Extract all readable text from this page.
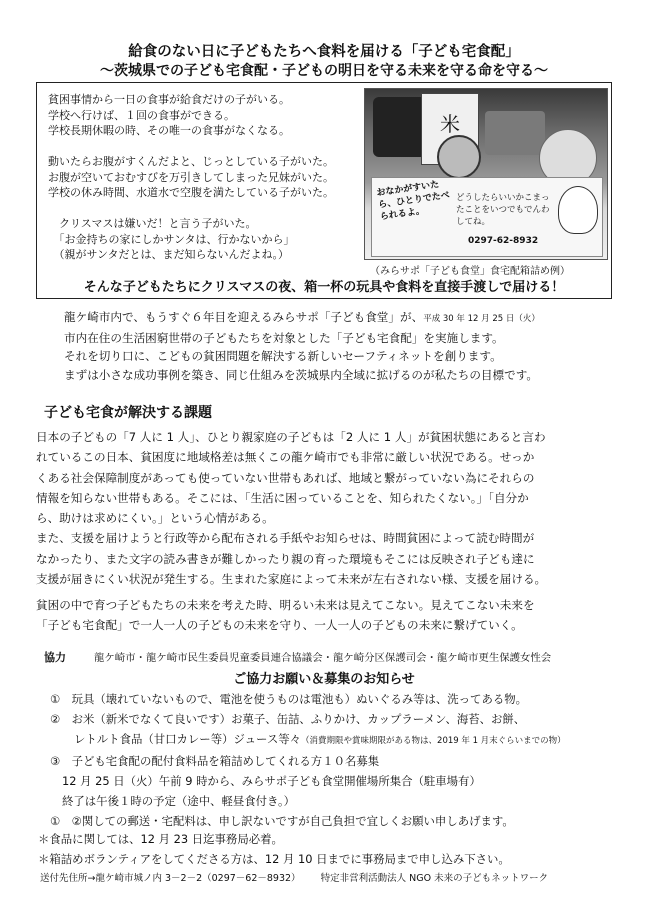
給食のない日に子どもたちへ食料を届ける「子ども宅食配」
～茨城県での子ども宅食配・子どもの明日を守る未来を守る命を守る～
貧困事情から一日の食事が給食だけの子がいる。
学校へ行けば、１回の食事ができる。
学校長期休暇の時、その唯一の食事がなくなる。
動いたらお腹がすくんだよと、じっとしている子がいた。
お腹が空いておむすびを万引きしてしまった兄妹がいた。
学校の休み時間、水道水で空腹を満たしている子がいた。
　クリスマスは嫌いだ！と言う子がいた。
　「お金持ちの家にしかサンタは、行かないから」
　（親がサンタだとは、まだ知らないんだよね。）
米
おなかがすいたら、ひとりでたべられるよ。
どうしたらいいかこまったことをいつでもでんわしてね。
0297-62-8932
（みらサポ「子ども食堂」食宅配箱詰め例）
そんな子どもたちにクリスマスの夜、箱一杯の玩具や食料を直接手渡しで届ける！
龍ケ崎市内で、もうすぐ６年目を迎えるみらサポ「子ども食堂」が、平成 30 年 12 月 25 日（火）
市内在住の生活困窮世帯の子どもたちを対象とした「子ども宅食配」を実施します。
それを切り口に、こどもの貧困問題を解決する新しいセーフティネットを創ります。
まずは小さな成功事例を築き、同じ仕組みを茨城県内全域に拡げるのが私たちの目標です。
子ども宅食が解決する課題
日本の子どもの「7 人に 1 人」、ひとり親家庭の子どもは「2 人に 1 人」が貧困状態にあると言わ
れているこの日本、貧困度に地域格差は無くこの龍ケ崎市でも非常に厳しい状況である。せっか
くある社会保障制度があっても使っていない世帯もあれば、地域と繋がっていない為にそれらの
情報を知らない世帯もある。そこには、「生活に困っていることを、知られたくない。」「自分か
ら、助けは求めにくい。」という心情がある。
また、支援を届けようと行政等から配布される手紙やお知らせは、時間貧困によって読む時間が
なかったり、また文字の読み書きが難しかったり親の育った環境もそこには反映され子ども達に
支援が届きにくい状況が発生する。生まれた家庭によって未来が左右されない様、支援を届ける。
貧困の中で育つ子どもたちの未来を考えた時、明るい未来は見えてこない。見えてこない未来を
「子ども宅食配」で一人一人の子どもの未来を守り、一人一人の子どもの未来に繋げていく。
協力	龍ケ崎市・龍ケ崎市民生委員児童委員連合協議会・龍ケ崎分区保護司会・龍ケ崎市更生保護女性会
ご協力お願い＆募集のお知らせ
①　玩具（壊れていないもので、電池を使うものは電池も）ぬいぐるみ等は、洗ってある物。
②　お米（新米でなくて良いです）お菓子、缶詰、ふりかけ、カップラーメン、海苔、お餅、
レトルト食品（甘口カレー等）ジュース等々（消費期限や賞味期限がある物は、2019 年 1 月末ぐらいまでの物）
③　子ども宅食配の配付食料品を箱詰めしてくれる方１０名募集
12 月 25 日（火）午前 9 時から、みらサポ子ども食堂開催場所集合（駐車場有）
終了は午後１時の予定（途中、軽昼食付き。）
①　②関しての郵送・宅配料は、申し訳ないですが自己負担で宜しくお願い申しあげます。
＊食品に関しては、12 月 23 日迄事務局必着。
＊箱詰めボランティアをしてくださる方は、12 月 10 日までに事務局まで申し込み下さい。
送付先住所→龍ケ崎市城ノ内 3－2－2（0297－62－8932） 特定非営利活動法人 NGO 未来の子どもネットワーク
